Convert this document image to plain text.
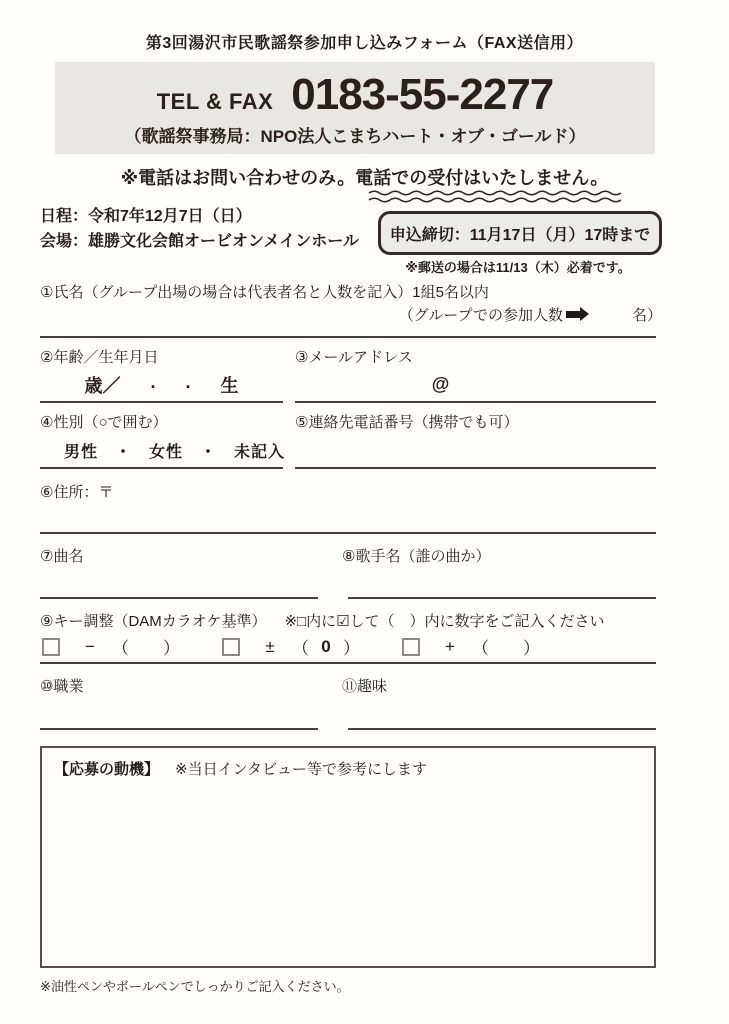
第3回湯沢市民歌謡祭参加申し込みフォーム（FAX送信用）
TEL & FAX 0183-55-2277
（歌謡祭事務局：NPO法人こまちハート・オブ・ゴールド）
※電話はお問い合わせのみ。電話での受付はいたしません。
日程：令和7年12月7日（日）
会場：雄勝文化会館オービオンメインホール 申込締切：11月17日（月）17時まで
※郵送の場合は11/13（木）必着です。
①氏名（グループ出場の場合は代表者名と人数を記入）1組5名以内
（グループでの参加人数	名）
②年齢／生年月日	③メールアドレス
歳／ . . 生	@
④性別（○で囲む）	⑤連絡先電話番号（携帯でも可）
男性　・　女性　・　未記入
⑥住所：〒
⑦曲名	⑧歌手名（誰の曲か）
⑨キー調整（DAMカラオケ基準） ※□内に☑して（　）内に数字をご記入ください
−	（ ）	±	（ 0 ）	+	（ ）
⑩職業	⑪趣味
【応募の動機】 ※当日インタビュー等で参考にします
※油性ペンやボールペンでしっかりご記入ください。
